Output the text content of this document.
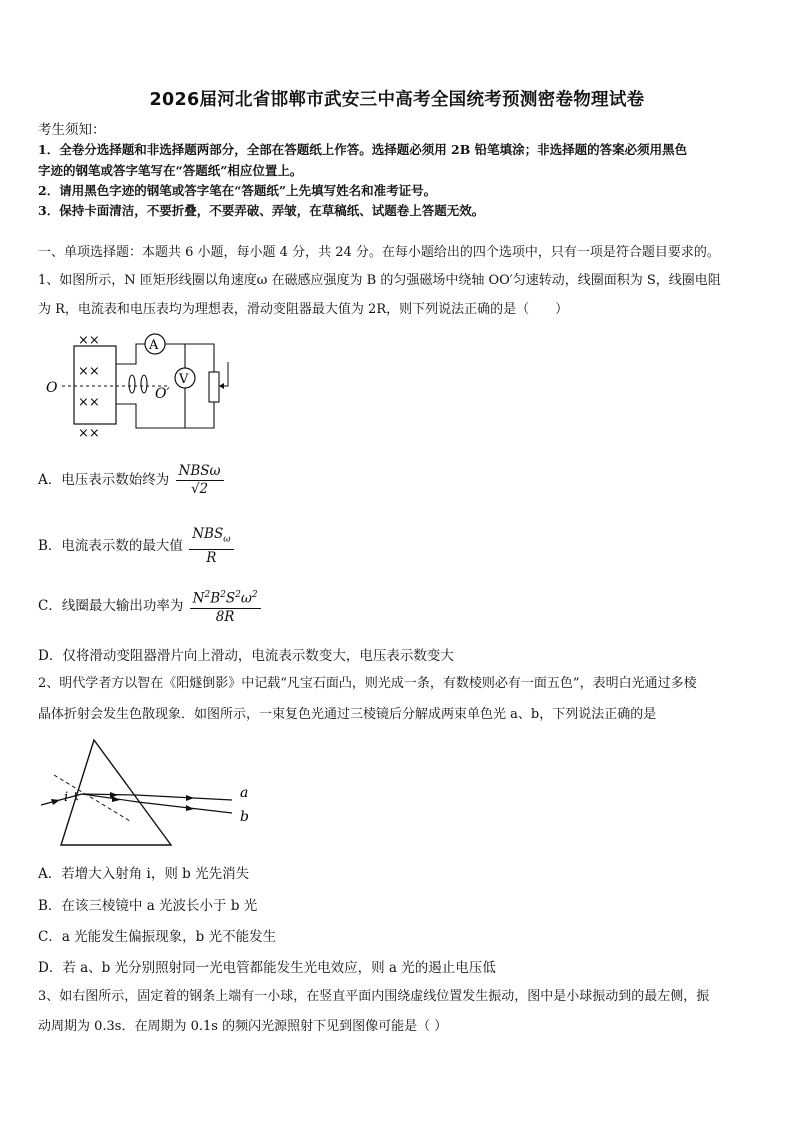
2026届河北省邯郸市武安三中高考全国统考预测密卷物理试卷
考生须知：
1．全卷分选择题和非选择题两部分，全部在答题纸上作答。选择题必须用 2B 铅笔填涂；非选择题的答案必须用黑色
字迹的钢笔或答字笔写在“答题纸”相应位置上。
2．请用黑色字迹的钢笔或答字笔在“答题纸”上先填写姓名和准考证号。
3．保持卡面清洁，不要折叠，不要弄破、弄皱，在草稿纸、试题卷上答题无效。
一、单项选择题：本题共 6 小题，每小题 4 分，共 24 分。在每小题给出的四个选项中，只有一项是符合题目要求的。
1、如图所示，N 匝矩形线圈以角速度ω 在磁感应强度为 B 的匀强磁场中绕轴 OO′匀速转动，线圈面积为 S，线圈电阻
为 R，电流表和电压表均为理想表，滑动变阻器最大值为 2R，则下列说法正确的是（　　）
××
××
××
××
O	O′
A
V
A．电压表示数始终为 $\frac{\text{NBSω}}{√2}$
B．电流表示数的最大值 $\frac{NBS_\omega}{R}$
C．线圈最大输出功率为 $\frac{N^2B^2S^2\omega^2}{8R}$
D．仅将滑动变阻器滑片向上滑动，电流表示数变大，电压表示数变大
2、明代学者方以智在《阳燧倒影》中记载“凡宝石面凸，则光成一条，有数棱则必有一面五色”，表明白光通过多棱
晶体折射会发生色散现象．如图所示，一束复色光通过三棱镜后分解成两束单色光 a、b，下列说法正确的是
i	a
b
A．若增大入射角 i，则 b 光先消失
B．在该三棱镜中 a 光波长小于 b 光
C．a 光能发生偏振现象，b 光不能发生
D．若 a、b 光分别照射同一光电管都能发生光电效应，则 a 光的遏止电压低
3、如右图所示，固定着的钢条上端有一小球，在竖直平面内围绕虚线位置发生振动，图中是小球振动到的最左侧，振
动周期为 0.3s．在周期为 0.1s 的频闪光源照射下见到图像可能是（ ）
